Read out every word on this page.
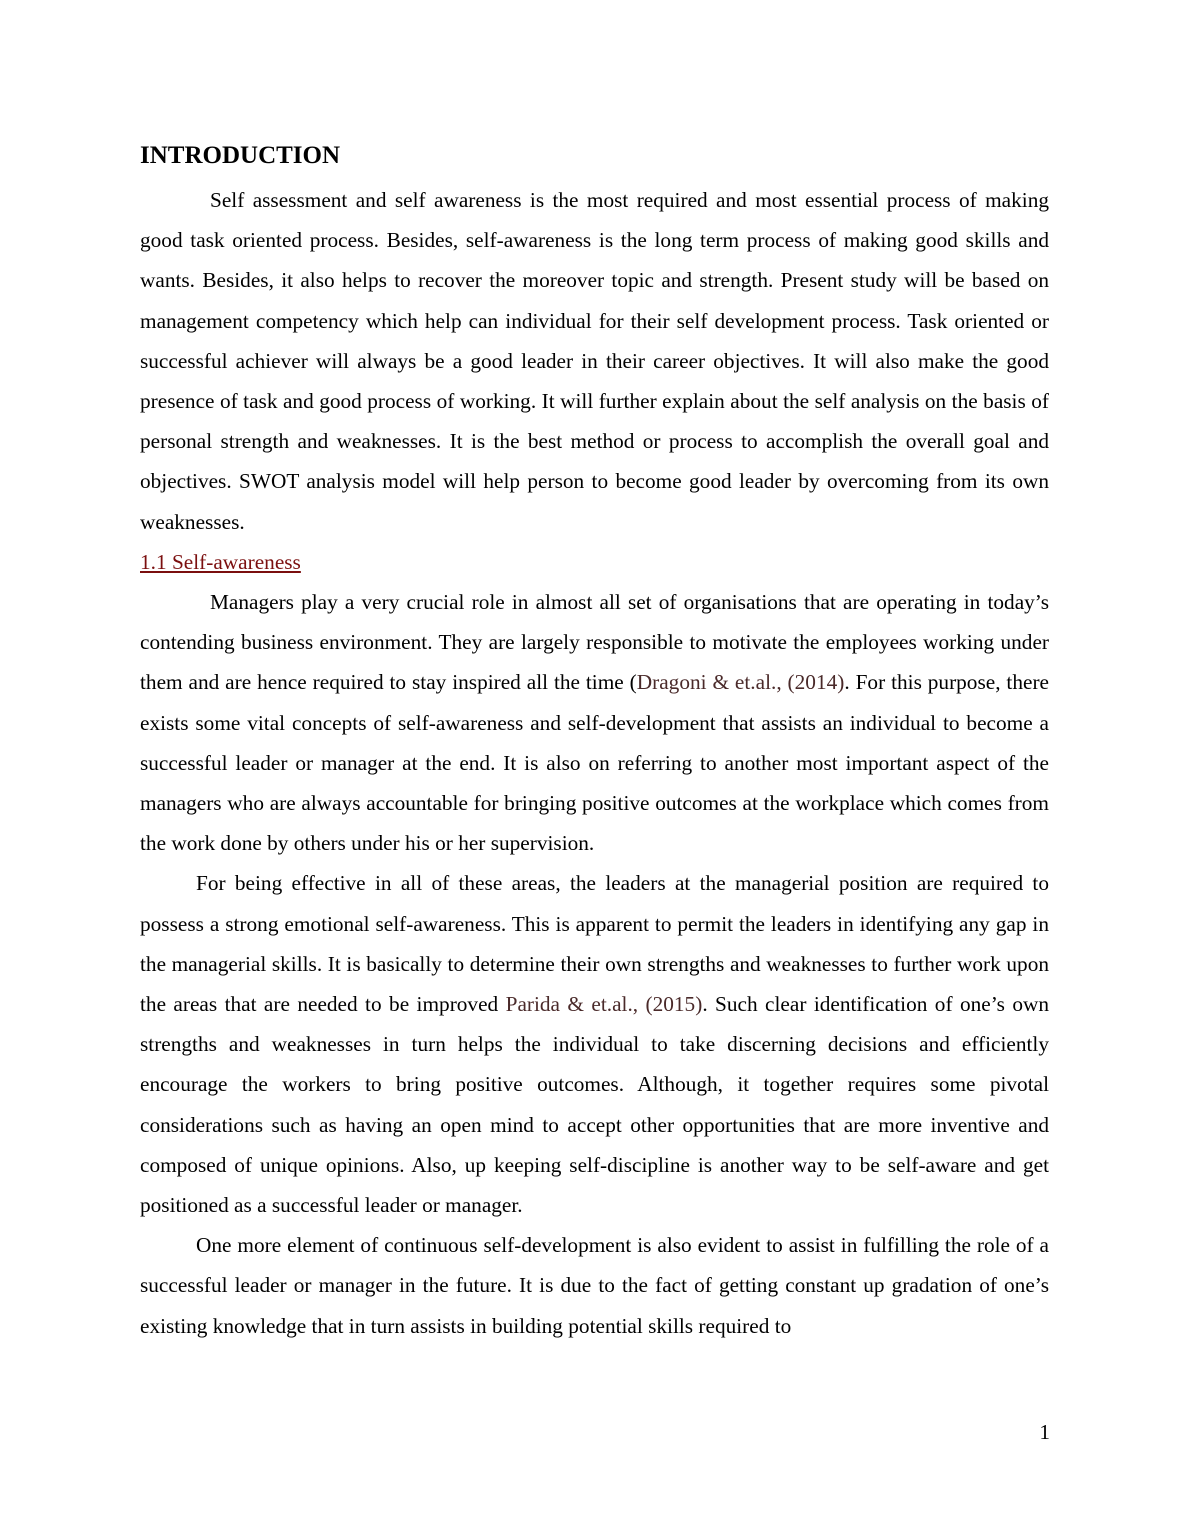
INTRODUCTION

Self assessment and self awareness is the most required and most essential process of making good task oriented process. Besides, self-awareness is the long term process of making good skills and wants. Besides, it also helps to recover the moreover topic and strength. Present study will be based on management competency which help can individual for their self development process. Task oriented or successful achiever will always be a good leader in their career objectives. It will also make the good presence of task and good process of working. It will further explain about the self analysis on the basis of personal strength and weaknesses. It is the best method or process to accomplish the overall goal and objectives. SWOT analysis model will help person to become good leader by overcoming from its own weaknesses.

1.1 Self-awareness

Managers play a very crucial role in almost all set of organisations that are operating in today’s contending business environment. They are largely responsible to motivate the employees working under them and are hence required to stay inspired all the time (Dragoni & et.al., (2014). For this purpose, there exists some vital concepts of self-awareness and self-development that assists an individual to become a successful leader or manager at the end. It is also on referring to another most important aspect of the managers who are always accountable for bringing positive outcomes at the workplace which comes from the work done by others under his or her supervision.

For being effective in all of these areas, the leaders at the managerial position are required to possess a strong emotional self-awareness. This is apparent to permit the leaders in identifying any gap in the managerial skills. It is basically to determine their own strengths and weaknesses to further work upon the areas that are needed to be improved Parida & et.al., (2015). Such clear identification of one’s own strengths and weaknesses in turn helps the individual to take discerning decisions and efficiently encourage the workers to bring positive outcomes. Although, it together requires some pivotal considerations such as having an open mind to accept other opportunities that are more inventive and composed of unique opinions. Also, up keeping self-discipline is another way to be self-aware and get positioned as a successful leader or manager.

One more element of continuous self-development is also evident to assist in fulfilling the role of a successful leader or manager in the future. It is due to the fact of getting constant up gradation of one’s existing knowledge that in turn assists in building potential skills required to

1
